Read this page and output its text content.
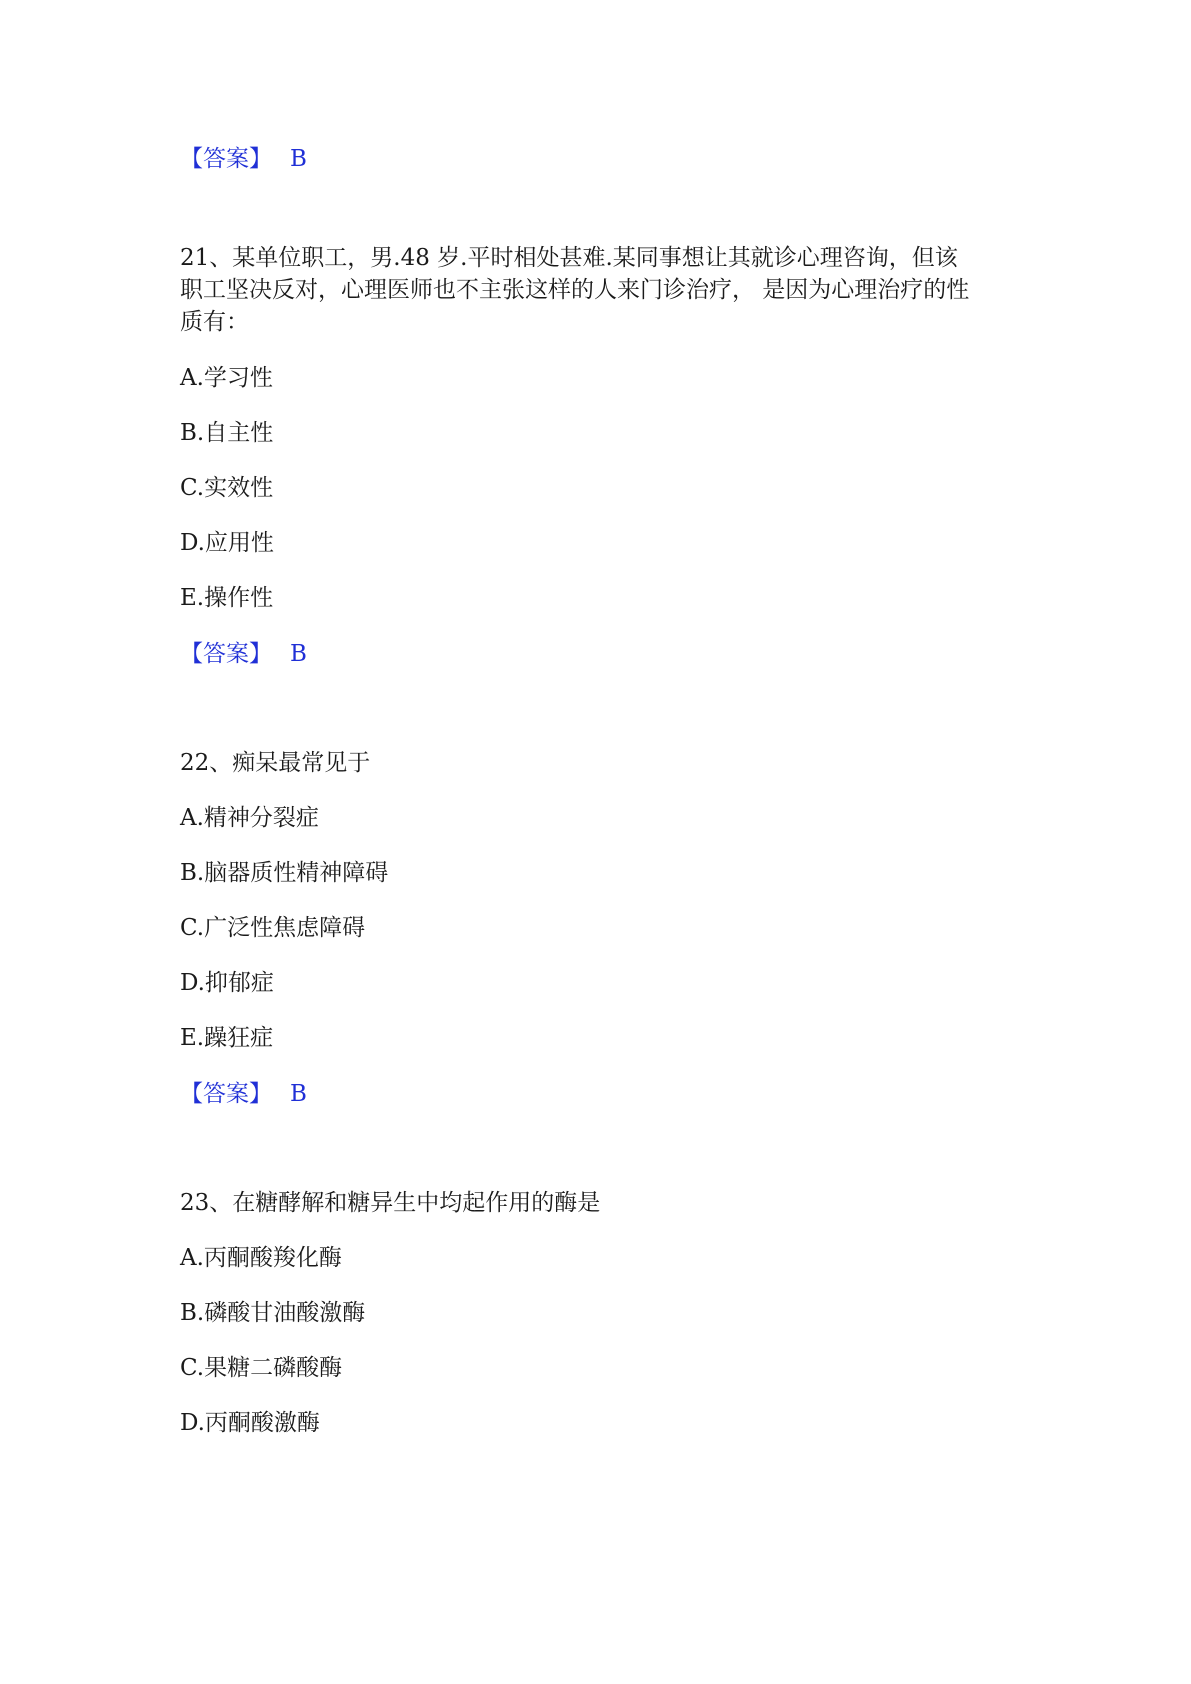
【答案】 B
21、某单位职工，男.48 岁.平时相处甚难.某同事想让其就诊心理咨询，但该
职工坚决反对，心理医师也不主张这样的人来门诊治疗， 是因为心理治疗的性
质有：
A.学习性
B.自主性
C.实效性
D.应用性
E.操作性
【答案】 B
22、痴呆最常见于
A.精神分裂症
B.脑器质性精神障碍
C.广泛性焦虑障碍
D.抑郁症
E.躁狂症
【答案】 B
23、在糖酵解和糖异生中均起作用的酶是
A.丙酮酸羧化酶
B.磷酸甘油酸激酶
C.果糖二磷酸酶
D.丙酮酸激酶
